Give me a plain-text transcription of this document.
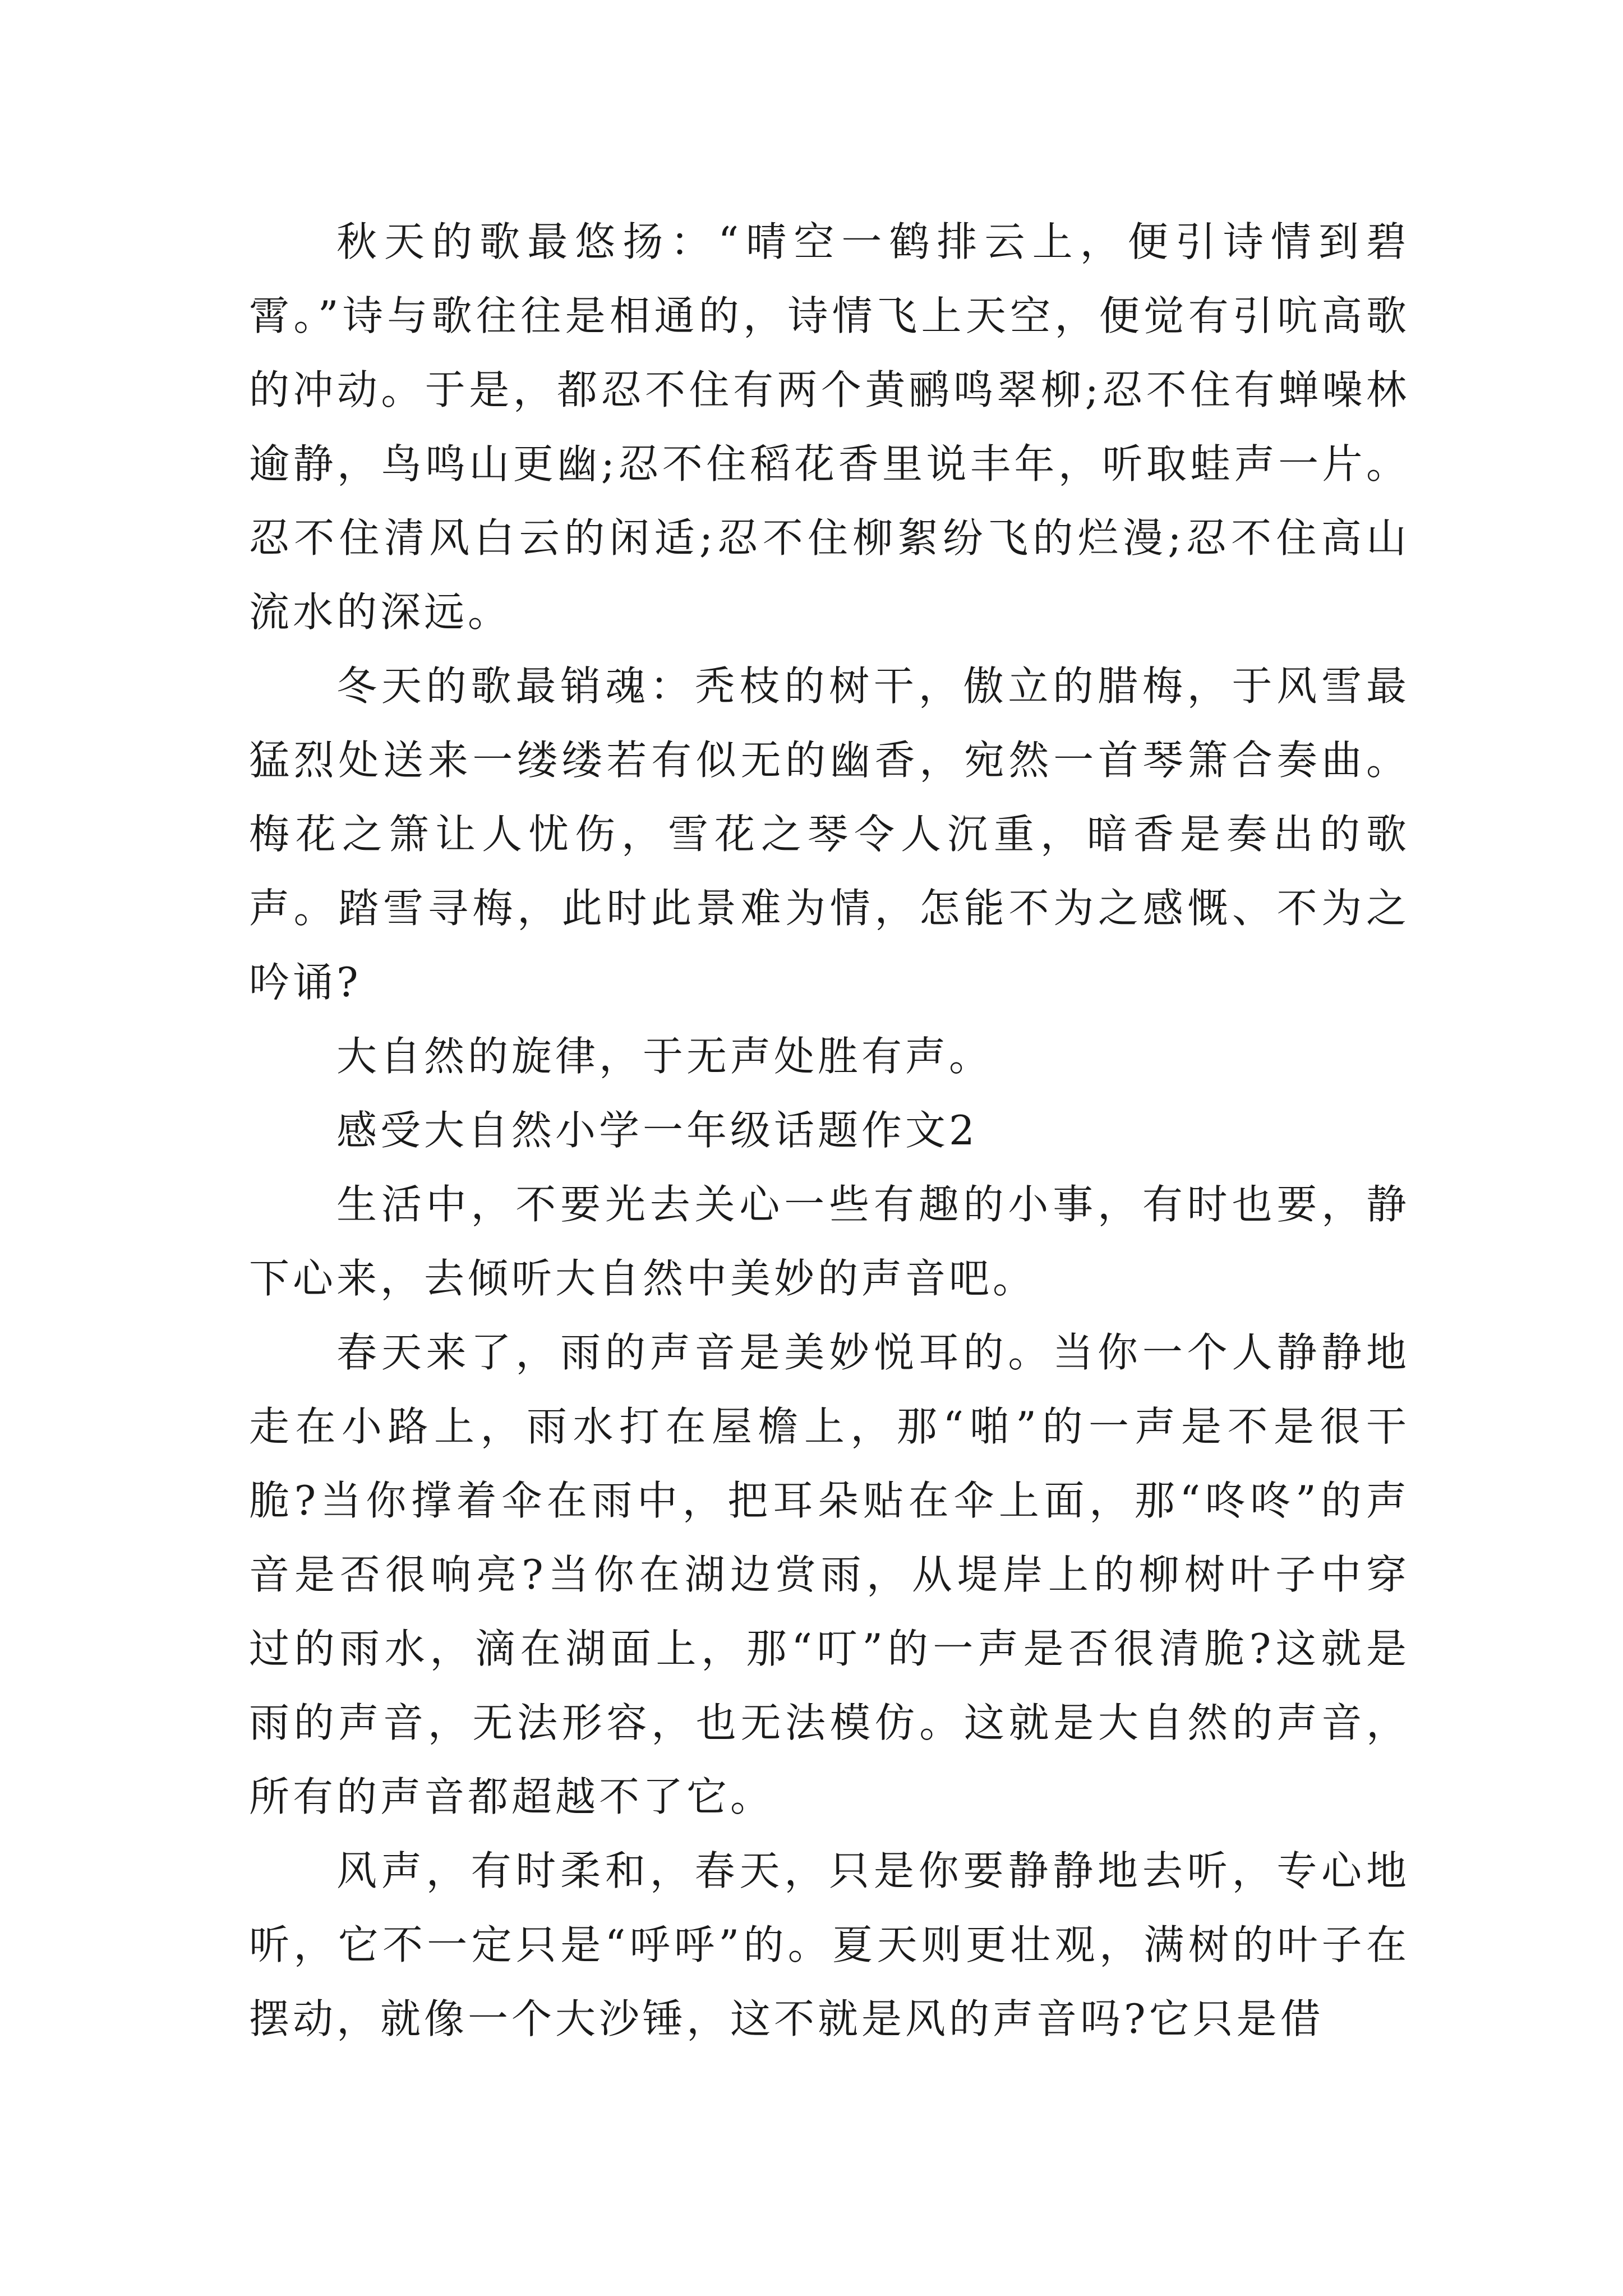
秋天的歌最悠扬：“晴空一鹤排云上，便引诗情到碧霄。”诗与歌往往是相通的，诗情飞上天空，便觉有引吭高歌的冲动。于是，都忍不住有两个黄鹂鸣翠柳;忍不住有蝉噪林逾静，鸟鸣山更幽;忍不住稻花香里说丰年，听取蛙声一片。忍不住清风白云的闲适;忍不住柳絮纷飞的烂漫;忍不住高山流水的深远。

冬天的歌最销魂：秃枝的树干，傲立的腊梅，于风雪最猛烈处送来一缕缕若有似无的幽香，宛然一首琴箫合奏曲。梅花之箫让人忧伤，雪花之琴令人沉重，暗香是奏出的歌声。踏雪寻梅，此时此景难为情，怎能不为之感慨、不为之吟诵?

大自然的旋律，于无声处胜有声。

感受大自然小学一年级话题作文2

生活中，不要光去关心一些有趣的小事，有时也要，静下心来，去倾听大自然中美妙的声音吧。

春天来了，雨的声音是美妙悦耳的。当你一个人静静地走在小路上，雨水打在屋檐上，那“啪”的一声是不是很干脆?当你撑着伞在雨中，把耳朵贴在伞上面，那“咚咚”的声音是否很响亮?当你在湖边赏雨，从堤岸上的柳树叶子中穿过的雨水，滴在湖面上，那“叮”的一声是否很清脆?这就是雨的声音，无法形容，也无法模仿。这就是大自然的声音，所有的声音都超越不了它。

风声，有时柔和，春天，只是你要静静地去听，专心地听，它不一定只是“呼呼”的。夏天则更壮观，满树的叶子在摆动，就像一个大沙锤，这不就是风的声音吗?它只是借
